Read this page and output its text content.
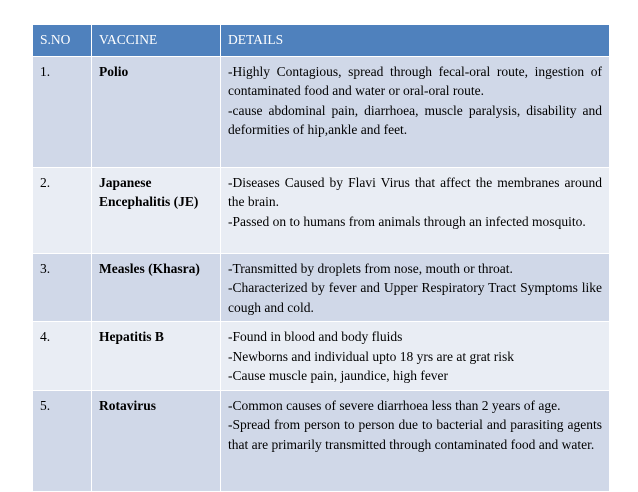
S.NO	VACCINE	DETAILS
1.	Polio	-Highly Contagious, spread through fecal-oral route, ingestion of contaminated food and water or oral-oral route.
-cause abdominal pain, diarrhoea, muscle paralysis, disability and deformities of hip,ankle and feet.

2.	Japanese Encephalitis (JE)	-Diseases Caused by Flavi Virus that affect the membranes around the brain.
-Passed on to humans from animals through an infected mosquito.

3.	Measles (Khasra)	-Transmitted by droplets from nose, mouth or throat.
-Characterized by fever and Upper Respiratory Tract Symptoms like cough and cold.

4.	Hepatitis B	-Found in blood and body fluids
-Newborns and individual upto 18 yrs are at grat risk
-Cause muscle pain, jaundice, high fever

5.	Rotavirus	-Common causes of severe diarrhoea less than 2 years of age.
-Spread from person to person due to bacterial and parasiting agents that are primarily transmitted through contaminated food and water.
